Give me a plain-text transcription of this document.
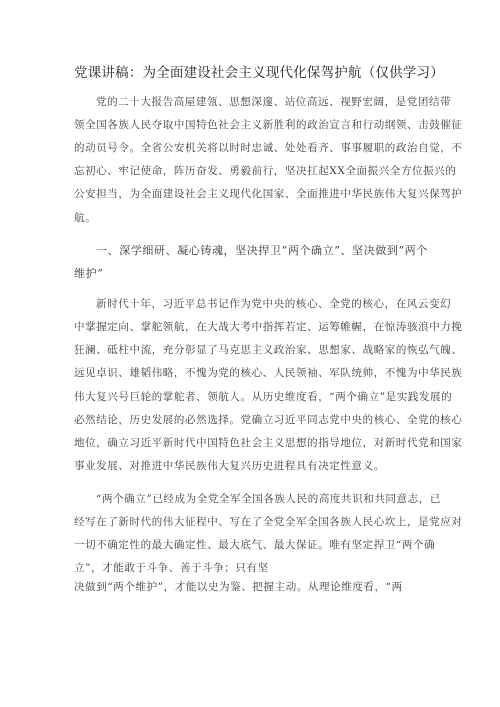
党课讲稿：为全面建设社会主义现代化保驾护航（仅供学习）
党的二十大报告高屋建瓴、思想深邃、站位高远、视野宏阔，是党团结带
领全国各族人民夺取中国特色社会主义新胜利的政治宣言和行动纲领、击鼓催征
的动员号令。全省公安机关将以时时忠诚、处处看齐、事事履职的政治自觉，不
忘初心、牢记使命，阵历奋发、勇毅前行，坚决扛起XX全面振兴全方位振兴的
公安担当，为全面建设社会主义现代化国家、全面推进中华民族伟大复兴保驾护
航。
一、深学细研、凝心铸魂，坚决捍卫“两个确立”、坚决做到“两个
维护”
新时代十年，习近平总书记作为党中央的核心、全党的核心，在风云变幻
中掌握定向、掌舵领航，在大战大考中指挥若定、运筹帷幄，在惊涛骇浪中力挽
狂澜、砥柱中流，充分彰显了马克思主义政治家、思想家、战略家的恢弘气魄、
远见卓识、雄韬伟略，不愧为党的核心、人民领袖、军队统帅，不愧为中华民族
伟大复兴号巨轮的掌舵者、领航人。从历史维度看，“两个确立”是实践发展的
必然结论，历史发展的必然选择。党确立习近平同志党中央的核心、全党的核心
地位，确立习近平新时代中国特色社会主义思想的指导地位，对新时代党和国家
事业发展、对推进中华民族伟大复兴历史进程具有决定性意义。
“两个确立”已经成为全党全军全国各族人民的高度共识和共同意志，已
经写在了新时代的伟大征程中、写在了全党全军全国各族人民心坎上，是党应对
一切不确定性的最大确定性、最大底气、最大保证。唯有坚定捍卫“两个确
立”，才能敢于斗争、善于斗争；只有坚
决做到“两个维护”，才能以史为鉴、把握主动。从理论维度看，“两
